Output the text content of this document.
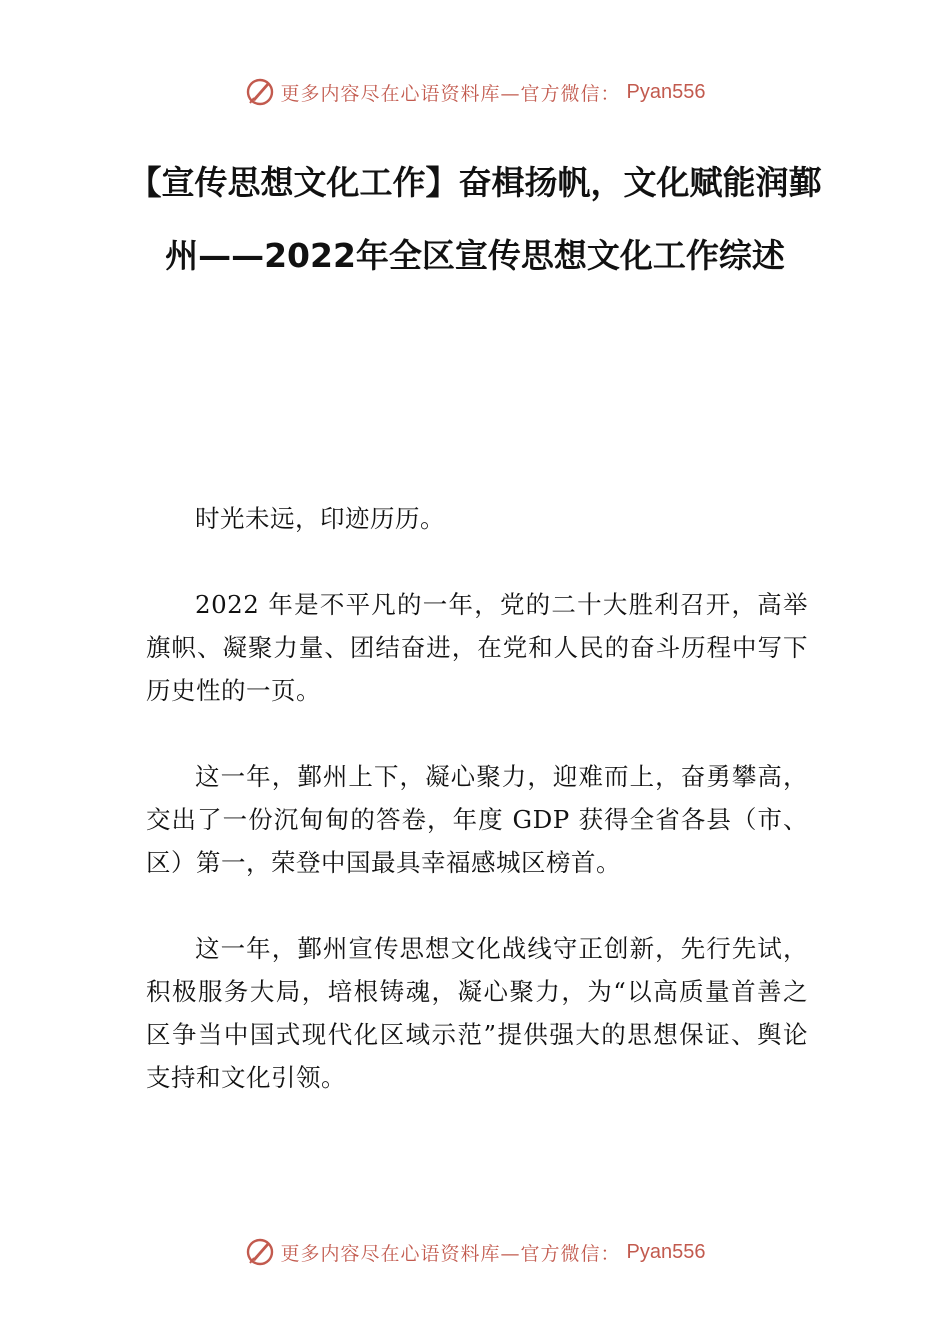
更多内容尽在心语资料库—官方微信： Pyan556
【宣传思想文化工作】奋楫扬帆，文化赋能润鄞州——2022年全区宣传思想文化工作综述

时光未远，印迹历历。

2022 年是不平凡的一年，党的二十大胜利召开，高举旗帜、凝聚力量、团结奋进，在党和人民的奋斗历程中写下历史性的一页。

这一年，鄞州上下，凝心聚力，迎难而上，奋勇攀高，交出了一份沉甸甸的答卷，年度 GDP 获得全省各县（市、区）第一，荣登中国最具幸福感城区榜首。

这一年，鄞州宣传思想文化战线守正创新，先行先试，积极服务大局，培根铸魂，凝心聚力，为“以高质量首善之区争当中国式现代化区域示范”提供强大的思想保证、舆论支持和文化引领。

更多内容尽在心语资料库—官方微信： Pyan556
